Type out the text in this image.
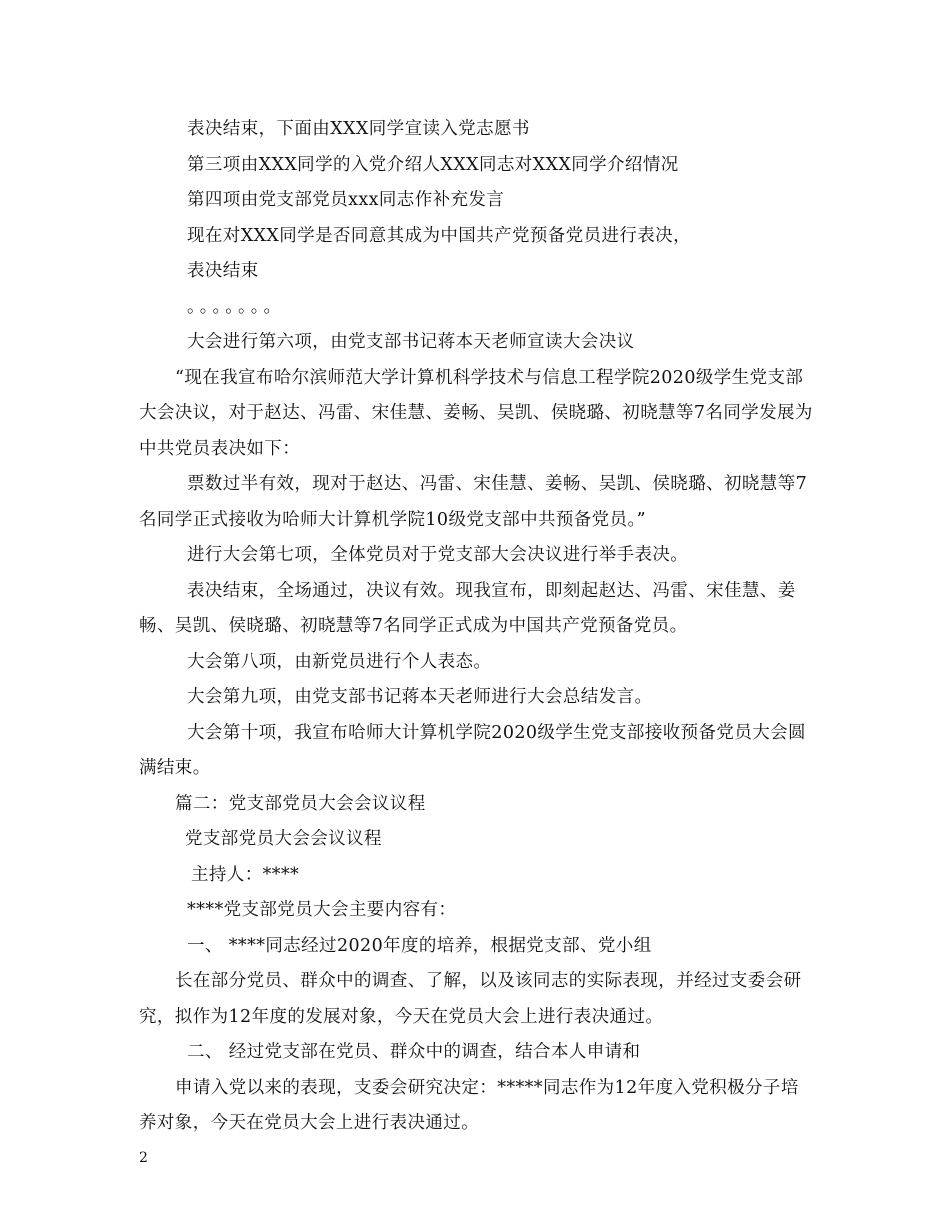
表决结束，下面由XXX同学宣读入党志愿书

第三项由XXX同学的入党介绍人XXX同志对XXX同学介绍情况

第四项由党支部党员xxx同志作补充发言

现在对XXX同学是否同意其成为中国共产党预备党员进行表决，

表决结束

。。。。。。。

大会进行第六项，由党支部书记蒋本天老师宣读大会决议

“现在我宣布哈尔滨师范大学计算机科学技术与信息工程学院2020级学生党支部大会决议，对于赵达、冯雷、宋佳慧、姜畅、吴凯、侯晓璐、初晓慧等7名同学发展为中共党员表决如下：

票数过半有效，现对于赵达、冯雷、宋佳慧、姜畅、吴凯、侯晓璐、初晓慧等7名同学正式接收为哈师大计算机学院10级党支部中共预备党员。”

进行大会第七项，全体党员对于党支部大会决议进行举手表决。

表决结束，全场通过，决议有效。现我宣布，即刻起赵达、冯雷、宋佳慧、姜畅、吴凯、侯晓璐、初晓慧等7名同学正式成为中国共产党预备党员。

大会第八项，由新党员进行个人表态。

大会第九项，由党支部书记蒋本天老师进行大会总结发言。

大会第十项，我宣布哈师大计算机学院2020级学生党支部接收预备党员大会圆满结束。

篇二：党支部党员大会会议议程

党支部党员大会会议议程

主持人：****

****党支部党员大会主要内容有：

一、 ****同志经过2020年度的培养，根据党支部、党小组

长在部分党员、群众中的调查、了解，以及该同志的实际表现，并经过支委会研究，拟作为12年度的发展对象，今天在党员大会上进行表决通过。

二、 经过党支部在党员、群众中的调查，结合本人申请和

申请入党以来的表现，支委会研究决定：*****同志作为12年度入党积极分子培养对象，今天在党员大会上进行表决通过。

2
